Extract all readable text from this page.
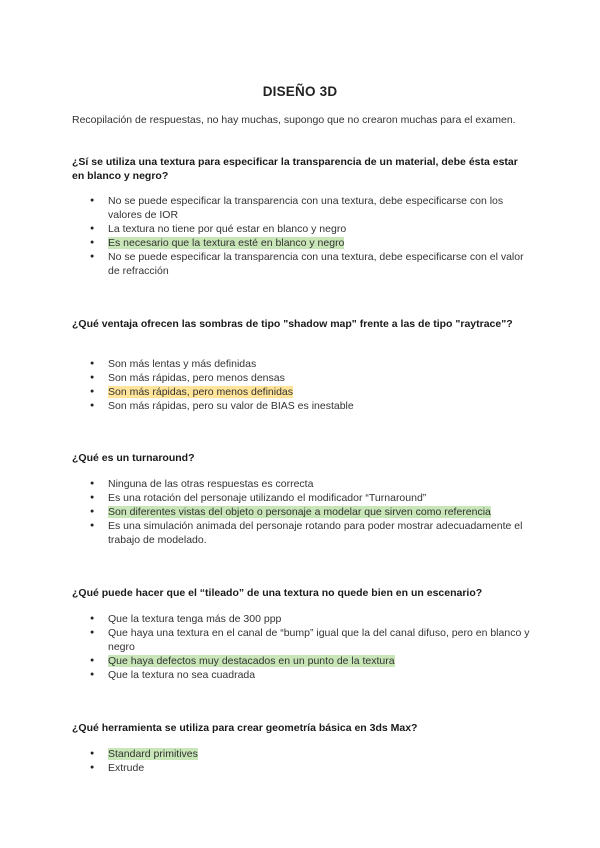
DISEÑO 3D
Recopilación de respuestas, no hay muchas, supongo que no crearon muchas para el examen.
¿Sí se utiliza una textura para especificar la transparencia de un material, debe ésta estar en blanco y negro?
● No se puede especificar la transparencia con una textura, debe especificarse con los valores de IOR
● La textura no tiene por qué estar en blanco y negro
● Es necesario que la textura esté en blanco y negro
● No se puede especificar la transparencia con una textura, debe especificarse con el valor de refracción
¿Qué ventaja ofrecen las sombras de tipo "shadow map" frente a las de tipo "raytrace"?
● Son más lentas y más definidas
● Son más rápidas, pero menos densas
● Son más rápidas, pero menos definidas
● Son más rápidas, pero su valor de BIAS es inestable
¿Qué es un turnaround?
● Ninguna de las otras respuestas es correcta
● Es una rotación del personaje utilizando el modificador “Turnaround”
● Son diferentes vistas del objeto o personaje a modelar que sirven como referencia
● Es una simulación animada del personaje rotando para poder mostrar adecuadamente el trabajo de modelado.
¿Qué puede hacer que el “tileado” de una textura no quede bien en un escenario?
● Que la textura tenga más de 300 ppp
● Que haya una textura en el canal de “bump” igual que la del canal difuso, pero en blanco y negro
● Que haya defectos muy destacados en un punto de la textura
● Que la textura no sea cuadrada
¿Qué herramienta se utiliza para crear geometría básica en 3ds Max?
● Standard primitives
● Extrude
